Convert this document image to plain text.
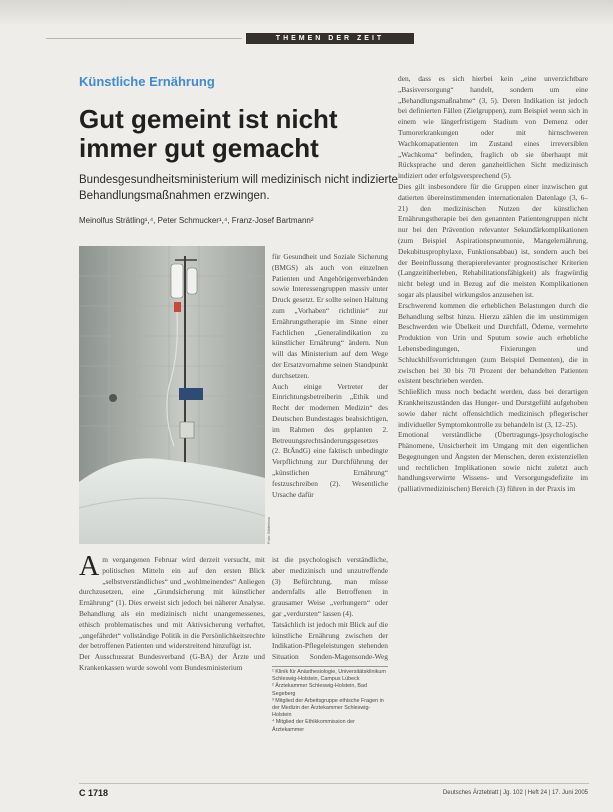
THEMEN DER ZEIT
Künstliche Ernährung
Gut gemeint ist nicht immer gut gemacht
Bundesgesundheitsministerium will medizinisch nicht indizierte Behandlungsmaßnahmen erzwingen.
Meinolfus Strätling¹,⁴, Peter Schmucker¹,⁴, Franz-Josef Bartmann²
Foto: Bilderbox
Am vergangenen Februar wird derzeit versucht, mit politischen Mitteln ein auf den ersten Blick „selbstverständliches“ und „wohlmeinendes“ Anliegen durchzusetzen, eine „Grundsicherung mit künstlicher Ernährung“ (1). Dies erweist sich jedoch bei näherer Analyse. Behandlung als ein medizinisch nicht unangemessenes, ethisch problematisches und mit Aktivsicherung verhaftet, „ungefährdet“ vollständige Politik in die Persönlichkeitsrechte der betroffenen Patienten und widerstreitend hinzufügt ist.
Der Ausschussrat Bundesverband (G-BA) der Ärzte und Krankenkassen wurde sowohl vom Bundesministerium
für Gesundheit und Soziale Sicherung (BMGS) als auch von einzelnen Patienten und Angehörigenverbänden sowie Interessengruppen massiv unter Druck gesetzt. Er sollte seinen Haltung zum „Vorhaben“ richtlinie“ zur Ernährungstherapie im Sinne einer Fachlichen „Generalindikation zu künstlicher Ernährung“ ändern. Nun will das Ministerium auf dem Wege der Ersatzvornahme seinen Standpunkt durchsetzen.
Auch einige Vertreter der Einrichtungsbetreiberin „Ethik und Recht der modernen Medizin“ des Deutschen Bundestages beabsichtigen, im Rahmen des geplanten 2. Betreuungsrechtsänderungsgesetzes (2. BtÄndG) eine faktisch unbedingte Verpflichtung zur Durchführung der „künstlichen Ernährung“ festzuschreiben (2). Wesentliche Ursache dafür
ist die psychologisch verständliche, aber medizinisch und unzutreffende (3) Befürchtung, man müsse andernfalls alle Betroffenen in grausamer Weise „verhungern“ oder gar „verdursten“ lassen (4).
Tatsächlich ist jedoch mit Blick auf die künstliche Ernährung zwischen der Indikation-Pflegeleistungen stehenden Situation Sonden-Magensonde-Weg
¹ Klinik für Anästhesiologie, Universitätsklinikum Schleswig-Holstein, Campus Lübeck
² Ärztekammer Schleswig-Holstein, Bad Segeberg
³ Mitglied der Arbeitsgruppe ethische Fragen in der Medizin der Ärztekammer Schleswig-Holstein
⁴ Mitglied der Ethikkommission der Ärztekammer
den, dass es sich hierbei kein „eine unverzichtbare „Basisversorgung“ handelt, sondern um eine „Behandlungsmaßnahme“ (3, 5). Deren Indikation ist jedoch bei definierten Fällen (Zielgruppen), zum Beispiel wenn sich in einem wie längerfristigem Stadium von Demenz oder Tumorerkrankungen oder mit hirnschweren Wachkomapatienten im Zustand eines irreversiblen „Wachkoma“ befinden, fraglich ob sie überhaupt mit Rücksprache und deren ganzheitlichen Sicht medizinisch indiziert oder erfolgsversprechend (5).
Dies gilt insbesondere für die Gruppen einer inzwischen gut datierten übereinstimmenden internationalen Datenlage (3, 6–21) den medizinischen Nutzen der künstlichen Ernährungstherapie bei den genannten Patientengruppen nicht nur bei den Prävention relevanter Sekundärkomplikationen (zum Beispiel Aspirationspneumonie, Mangelernährung, Dekubitusprophylaxe, Funktionsabbau) ist, sondern auch bei der Beeinflussung therapierelevanter prognostischer Kriterien (Langzeitüberleben, Rehabilitationsfähigkeit) als fragwürdig nicht belegt und in Bezug auf die meisten Komplikationen sogar als plausibel wirkungslos anzusehen ist.
Erschwerend kommen die erheblichen Belastungen durch die Behandlung selbst hinzu. Hierzu zählen die im unstimmigen Beschwerden wie Übelkeit und Durchfall, Ödeme, vermehrte Produktion von Urin und Sputum sowie auch erhebliche Lebensbedingungen, Fixierungen und Schluckhilfsvorrichtungen (zum Beispiel Dementen), die in zwischen bei 30 bis 70 Prozent der behandelten Patienten existent beschrieben werden.
Schließlich muss noch bedacht werden, dass bei derartigen Krankheitszuständen das Hunger- und Durstgefühl aufgehoben sowie daher nicht offensichtlich medizinisch pflegerischer individueller Symptomkontrolle zu behandeln ist (3, 12–25).
Emotional verständliche (Übertragungs-)psychologische Phänomene, Unsicherheit im Umgang mit den eigentlichen Begegnungen und Ängsten der Menschen, deren existenziellen und rechtlichen Implikationen sowie nicht zuletzt auch handlungsverwirrte Wissens- und Versorgungsdefizite im (palliativmedizinischen) Bereich (3) führen in der Praxis im
C 1718	Deutsches Ärzteblatt | Jg. 102 | Heft 24 | 17. Juni 2005
